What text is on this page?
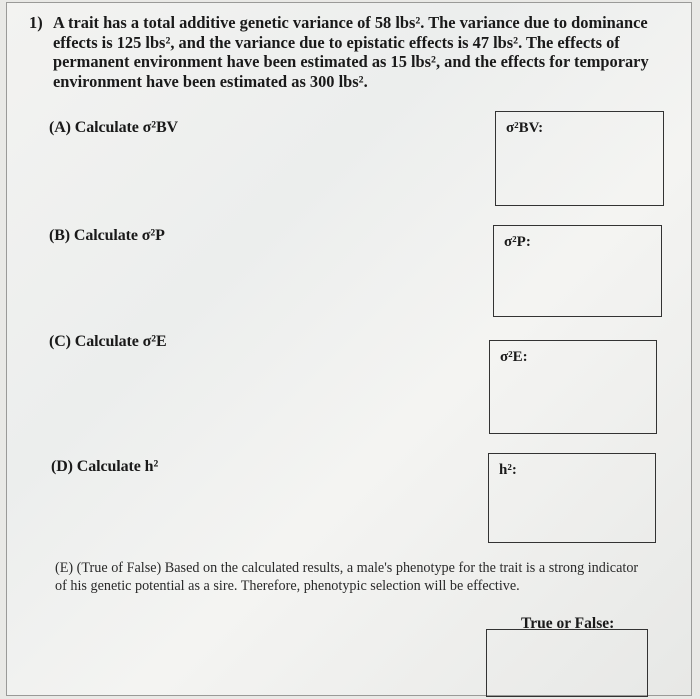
1) A trait has a total additive genetic variance of 58 lbs². The variance due to dominance effects is 125 lbs², and the variance due to epistatic effects is 47 lbs². The effects of permanent environment have been estimated as 15 lbs², and the effects for temporary environment have been estimated as 300 lbs².
(A) Calculate σ²BV	σ²BV:
(B) Calculate σ²P	σ²P:
(C) Calculate σ²E
σ²E:
(D) Calculate h²	h²:
(E) (True of False) Based on the calculated results, a male's phenotype for the trait is a strong indicator of his genetic potential as a sire. Therefore, phenotypic selection will be effective.
True or False:
